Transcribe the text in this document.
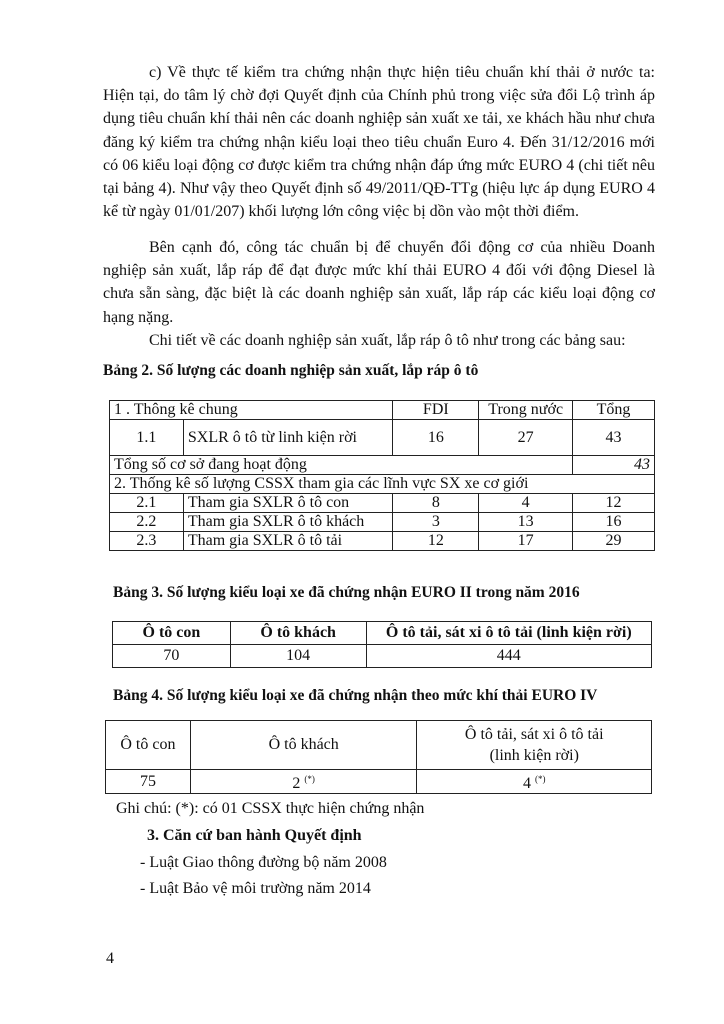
c) Về thực tế kiểm tra chứng nhận thực hiện tiêu chuẩn khí thải ở nước ta: Hiện tại, do tâm lý chờ đợi Quyết định của Chính phủ trong việc sửa đổi Lộ trình áp dụng tiêu chuẩn khí thải nên các doanh nghiệp sản xuất xe tải, xe khách hầu như chưa đăng ký kiểm tra chứng nhận kiểu loại theo tiêu chuẩn Euro 4. Đến 31/12/2016 mới có 06 kiểu loại động cơ được kiểm tra chứng nhận đáp ứng mức EURO 4 (chi tiết nêu tại bảng 4). Như vậy theo Quyết định số 49/2011/QĐ-TTg (hiệu lực áp dụng EURO 4 kể từ ngày 01/01/207) khối lượng lớn công việc bị dồn vào một thời điểm.

Bên cạnh đó, công tác chuẩn bị để chuyển đổi động cơ của nhiều Doanh nghiệp sản xuất, lắp ráp để đạt được mức khí thải EURO 4 đối với động Diesel là chưa sẵn sàng, đặc biệt là các doanh nghiệp sản xuất, lắp ráp các kiểu loại động cơ hạng nặng.

Chi tiết về các doanh nghiệp sản xuất, lắp ráp ô tô như trong các bảng sau:

Bảng 2. Số lượng các doanh nghiệp sản xuất, lắp ráp ô tô

1 . Thông kê chung		FDI	Trong nước	Tổng
1.1	SXLR ô tô từ linh kiện rời	16	27	43
Tổng số cơ sở đang hoạt động				43
2. Thống kê số lượng CSSX tham gia các lĩnh vực SX xe cơ giới				
2.1	Tham gia SXLR ô tô con	8	4	12
2.2	Tham gia SXLR ô tô khách	3	13	16
2.3	Tham gia SXLR ô tô tải	12	17	29

Bảng 3. Số lượng kiểu loại xe đã chứng nhận EURO II trong năm 2016

Ô tô con	Ô tô khách	Ô tô tải, sát xi ô tô tải (linh kiện rời)
70	104	444

Bảng 4. Số lượng kiểu loại xe đã chứng nhận theo mức khí thải EURO IV

Ô tô con	Ô tô khách	Ô tô tải, sát xi ô tô tải
(linh kiện rời)
75	2 (*)	4 (*)

Ghi chú: (*): có 01 CSSX thực hiện chứng nhận

3. Căn cứ ban hành Quyết định

- Luật Giao thông đường bộ năm 2008

- Luật Bảo vệ môi trường năm 2014

4
